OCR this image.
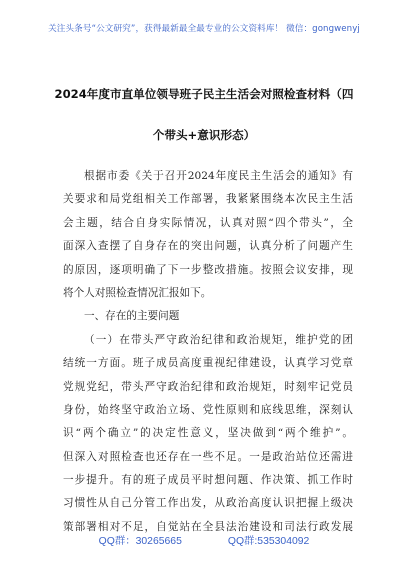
关注头条号“公文研究”，获得最新最全最专业的公文资料库！ 微信：gongwenyj
2024年度市直单位领导班子民主生活会对照检查材料（四
个带头+意识形态）
根据市委《关于召开2024年度民主生活会的通知》有
关要求和局党组相关工作部署，我紧紧围绕本次民主生活
会主题，结合自身实际情况，认真对照“四个带头”，全
面深入查摆了自身存在的突出问题，认真分析了问题产生
的原因，逐项明确了下一步整改措施。按照会议安排，现
将个人对照检查情况汇报如下。
一、存在的主要问题
（一）在带头严守政治纪律和政治规矩，维护党的团
结统一方面。班子成员高度重视纪律建设，认真学习党章
党规党纪，带头严守政治纪律和政治规矩，时刻牢记党员
身份，始终坚守政治立场、党性原则和底线思维，深刻认
识“两个确立”的决定性意义，坚决做到“两个维护”。
但深入对照检查也还存在一些不足。一是政治站位还需进
一步提升。有的班子成员平时想问题、作决策、抓工作时
习惯性从自己分管工作出发，从政治高度认识把握上级决
策部署相对不足，自觉站在全县法治建设和司法行政发展
QQ群：30265665	QQ群:535304092
